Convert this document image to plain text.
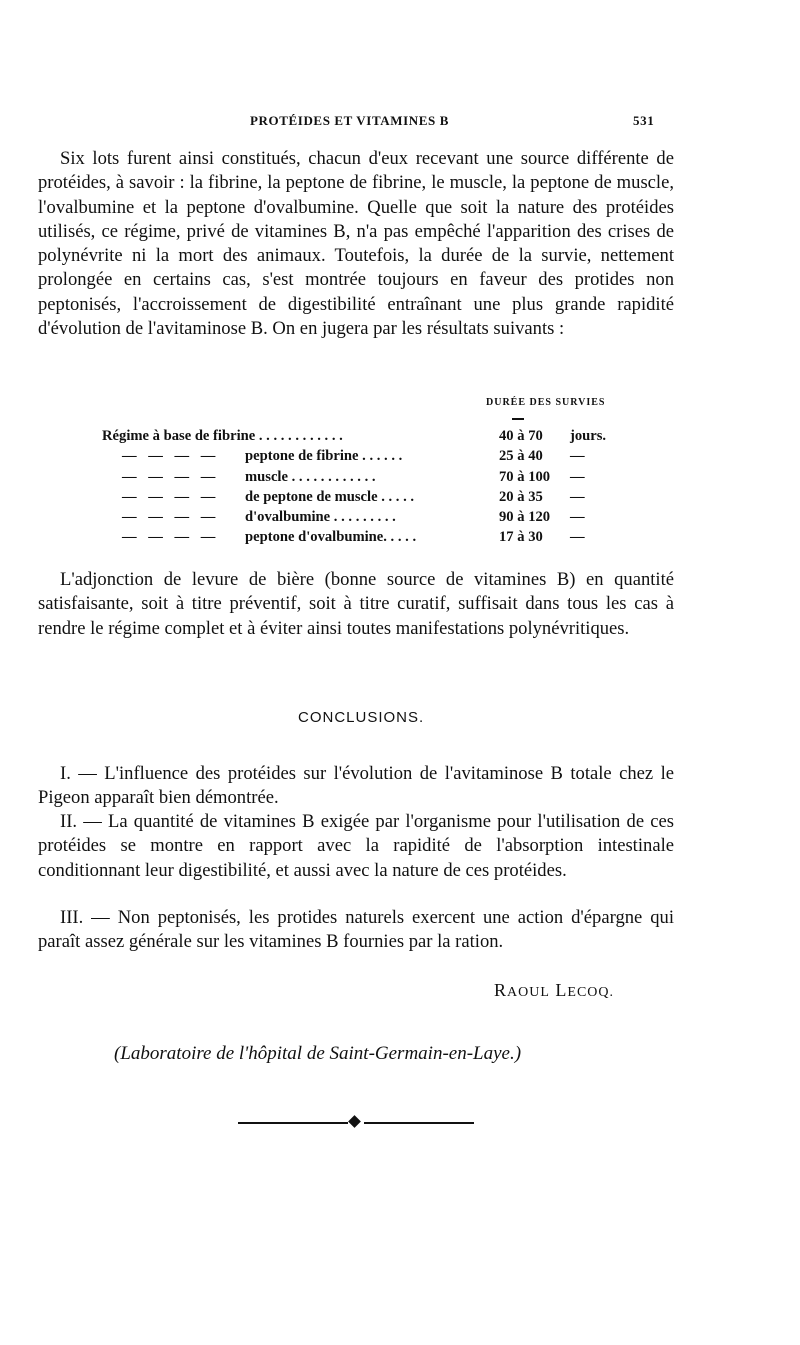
PROTÉIDES ET VITAMINES B	531

Six lots furent ainsi constitués, chacun d'eux recevant une source différente de protéides, à savoir : la fibrine, la peptone de fibrine, le muscle, la peptone de muscle, l'ovalbumine et la peptone d'ovalbumine. Quelle que soit la nature des protéides utilisés, ce régime, privé de vitamines B, n'a pas empêché l'apparition des crises de polynévrite ni la mort des animaux. Toutefois, la durée de la survie, nettement prolongée en certains cas, s'est montrée toujours en faveur des protides non peptonisés, l'accroissement de digestibilité entraînant une plus grande rapidité d'évolution de l'avitaminose B. On en jugera par les résultats suivants :

DURÉE DES SURVIES
Régime à base de fibrine . . . . . . . . . . . .	40 à 70 jours.
— — — — peptone de fibrine . . . . . .	25 à 40 —
— — — — muscle . . . . . . . . . . . .	70 à 100 —
— — — — de peptone de muscle . . . . .	20 à 35 —
— — — — d'ovalbumine . . . . . . . . .	90 à 120 —
— — — — peptone d'ovalbumine. . . . .	17 à 30 —

L'adjonction de levure de bière (bonne source de vitamines B) en quantité satisfaisante, soit à titre préventif, soit à titre curatif, suffisait dans tous les cas à rendre le régime complet et à éviter ainsi toutes manifestations polynévritiques.

CONCLUSIONS.

I. — L'influence des protéides sur l'évolution de l'avitaminose B totale chez le Pigeon apparaît bien démontrée.

II. — La quantité de vitamines B exigée par l'organisme pour l'utilisation de ces protéides se montre en rapport avec la rapidité de l'absorption intestinale conditionnant leur digestibilité, et aussi avec la nature de ces protéides.

III. — Non peptonisés, les protides naturels exercent une action d'épargne qui paraît assez générale sur les vitamines B fournies par la ration.

RAOUL LECOQ.
(Laboratoire de l'hôpital de Saint-Germain-en-Laye.)
